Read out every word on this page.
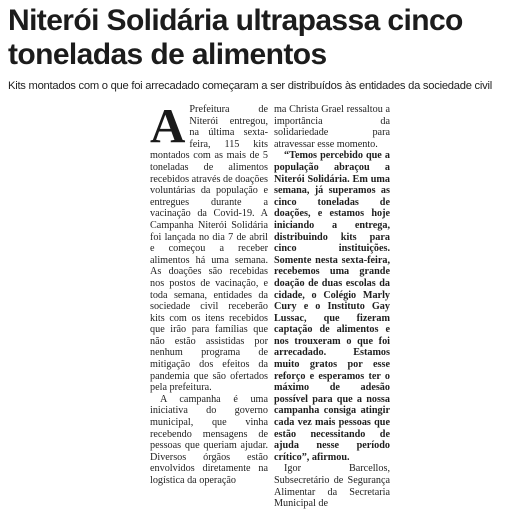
Niterói Solidária ultrapassa cinco toneladas de alimentos

Kits montados com o que foi arrecadado começaram a ser distribuídos às entidades da sociedade civil

A Prefeitura de Niterói entregou, na última sexta-feira, 115 kits montados com as mais de 5 toneladas de alimentos recebidos através de doações voluntárias da população e entregues durante a vacinação da Covid-19. A Campanha Niterói Solidária foi lançada no dia 7 de abril e começou a receber alimentos há uma semana. As doações são recebidas nos postos de vacinação, e toda semana, entidades da sociedade civil receberão kits com os itens recebidos que irão para famílias que não estão assistidas por nenhum programa de mitigação dos efeitos da pandemia que são ofertados pela prefeitura.

A campanha é uma iniciativa do governo municipal, que vinha recebendo mensagens de pessoas que queriam ajudar. Diversos órgãos estão envolvidos diretamente na logística da operação

ma Christa Grael ressaltou a importância da solidariedade para atravessar esse momento.

“Temos percebido que a população abraçou a Niterói Solidária. Em uma semana, já superamos as cinco toneladas de doações, e estamos hoje iniciando a entrega, distribuindo kits para cinco instituições. Somente nesta sexta-feira, recebemos uma grande doação de duas escolas da cidade, o Colégio Marly Cury e o Instituto Gay Lussac, que fizeram captação de alimentos e nos trouxeram o que foi arrecadado. Estamos muito gratos por esse reforço e esperamos ter o máximo de adesão possível para que a nossa campanha consiga atingir cada vez mais pessoas que estão necessitando de ajuda nesse período crítico”, afirmou.

Igor Barcellos, Subsecretário de Segurança Alimentar da Secretaria Municipal de
